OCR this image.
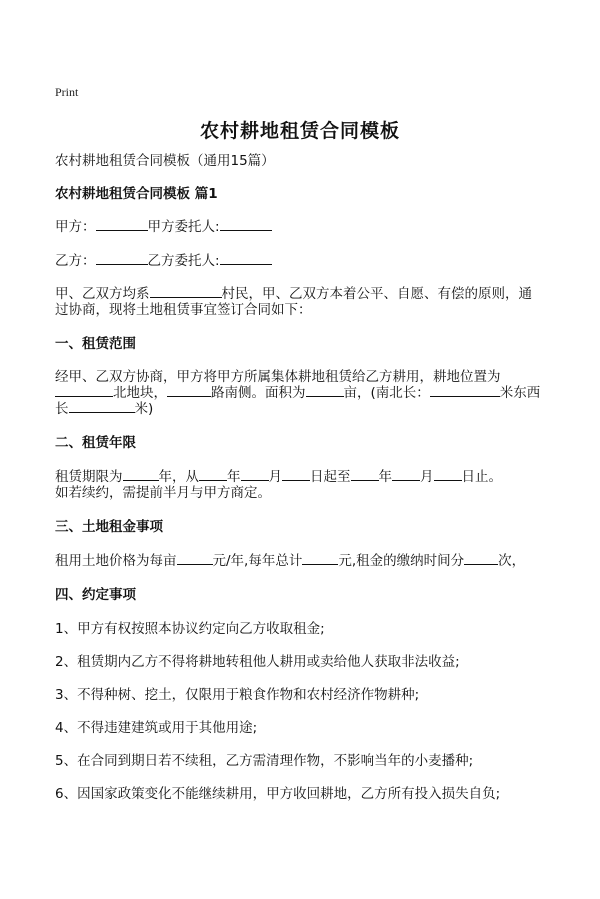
Print
农村耕地租赁合同模板
农村耕地租赁合同模板（通用15篇）
农村耕地租赁合同模板 篇1
甲方：	甲方委托人:
乙方：	乙方委托人:
甲、乙双方均系	村民，甲、乙双方本着公平、自愿、有偿的原则，通
过协商，现将土地租赁事宜签订合同如下：
一、租赁范围
经甲、乙双方协商，甲方将甲方所属集体耕地租赁给乙方耕用，耕地位置为
北地块，	路南侧。面积为	亩，(南北长：	米东西
长	米)
二、租赁年限
租赁期限为	年，从 年 月 日起至 年 月 日止。
如若续约，需提前半月与甲方商定。
三、土地租金事项
租用土地价格为每亩	元/年,每年总计	元,租金的缴纳时间分	次，
四、约定事项
1、甲方有权按照本协议约定向乙方收取租金;
2、租赁期内乙方不得将耕地转租他人耕用或卖给他人获取非法收益;
3、不得种树、挖土，仅限用于粮食作物和农村经济作物耕种;
4、不得违建建筑或用于其他用途;
5、在合同到期日若不续租，乙方需清理作物，不影响当年的小麦播种;
6、因国家政策变化不能继续耕用，甲方收回耕地，乙方所有投入损失自负;
